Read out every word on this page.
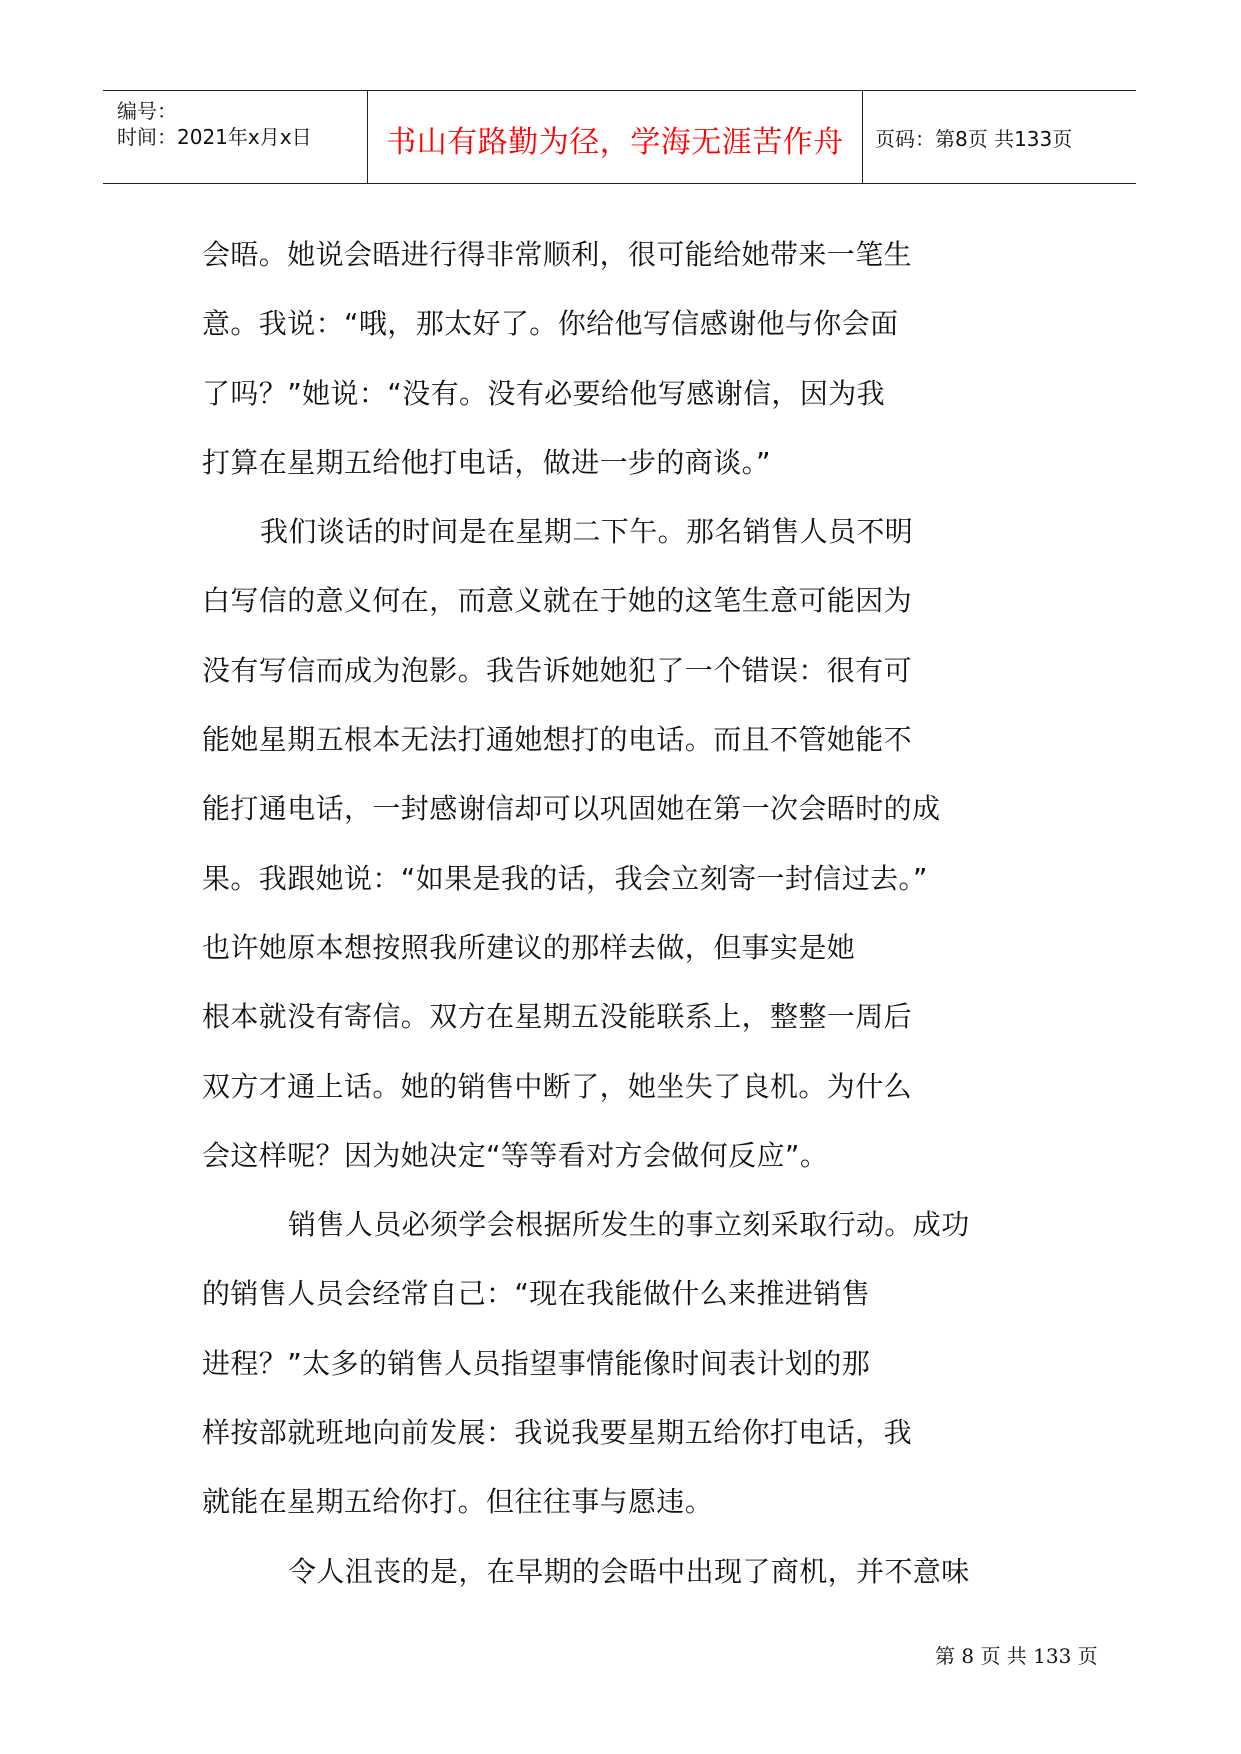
编号：
时间：2021年x月x日	书山有路勤为径，学海无涯苦作舟	页码：第8页 共133页
会晤。她说会晤进行得非常顺利，很可能给她带来一笔生
意。我说：“哦，那太好了。你给他写信感谢他与你会面
了吗？”她说：“没有。没有必要给他写感谢信，因为我
打算在星期五给他打电话，做进一步的商谈。”
我们谈话的时间是在星期二下午。那名销售人员不明
白写信的意义何在，而意义就在于她的这笔生意可能因为
没有写信而成为泡影。我告诉她她犯了一个错误：很有可
能她星期五根本无法打通她想打的电话。而且不管她能不
能打通电话，一封感谢信却可以巩固她在第一次会晤时的成
果。我跟她说：“如果是我的话，我会立刻寄一封信过去。”
也许她原本想按照我所建议的那样去做，但事实是她
根本就没有寄信。双方在星期五没能联系上，整整一周后
双方才通上话。她的销售中断了，她坐失了良机。为什么
会这样呢？因为她决定“等等看对方会做何反应”。
销售人员必须学会根据所发生的事立刻采取行动。成功
的销售人员会经常自己：“现在我能做什么来推进销售
进程？”太多的销售人员指望事情能像时间表计划的那
样按部就班地向前发展：我说我要星期五给你打电话，我
就能在星期五给你打。但往往事与愿违。
令人沮丧的是，在早期的会晤中出现了商机，并不意味
第 8 页 共 133 页
